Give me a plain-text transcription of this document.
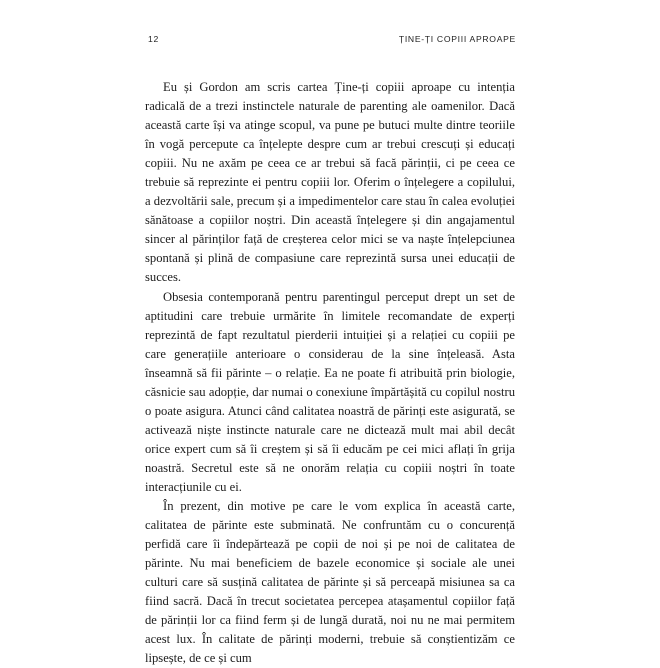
12	ȚINE-ȚI COPIII APROAPE

Eu și Gordon am scris cartea Ține-ți copiii aproape cu intenția radicală de a trezi instinctele naturale de parenting ale oamenilor. Dacă această carte își va atinge scopul, va pune pe butuci multe dintre teoriile în vogă percepute ca înțelepte despre cum ar trebui crescuți și educați copiii. Nu ne axăm pe ceea ce ar trebui să facă părinții, ci pe ceea ce trebuie să reprezinte ei pentru copiii lor. Oferim o înțelegere a copilului, a dezvoltării sale, precum și a impedimentelor care stau în calea evoluției sănătoase a copiilor noștri. Din această înțelegere și din angajamentul sincer al părinților față de creșterea celor mici se va naște înțelepciunea spontană și plină de compasiune care reprezintă sursa unei educații de succes.

Obsesia contemporană pentru parentingul perceput drept un set de aptitudini care trebuie urmărite în limitele recomandate de experți reprezintă de fapt rezultatul pierderii intuiției și a relației cu copiii pe care generațiile anterioare o considerau de la sine înțeleasă. Asta înseamnă să fii părinte – o relație. Ea ne poate fi atribuită prin biologie, căsnicie sau adopție, dar numai o conexiune împărtășită cu copilul nostru o poate asigura. Atunci când calitatea noastră de părinți este asigurată, se activează niște instincte naturale care ne dictează mult mai abil decât orice expert cum să îi creștem și să îi educăm pe cei mici aflați în grija noastră. Secretul este să ne onorăm relația cu copiii noștri în toate interacțiunile cu ei.

În prezent, din motive pe care le vom explica în această carte, calitatea de părinte este subminată. Ne confruntăm cu o concurență perfidă care îi îndepărtează pe copii de noi și pe noi de calitatea de părinte. Nu mai beneficiem de bazele economice și sociale ale unei culturi care să susțină calitatea de părinte și să perceapă misiunea sa ca fiind sacră. Dacă în trecut societatea percepea atașamentul copiilor față de părinții lor ca fiind ferm și de lungă durată, noi nu ne mai permitem acest lux. În calitate de părinți moderni, trebuie să conștientizăm ce lipsește, de ce și cum
